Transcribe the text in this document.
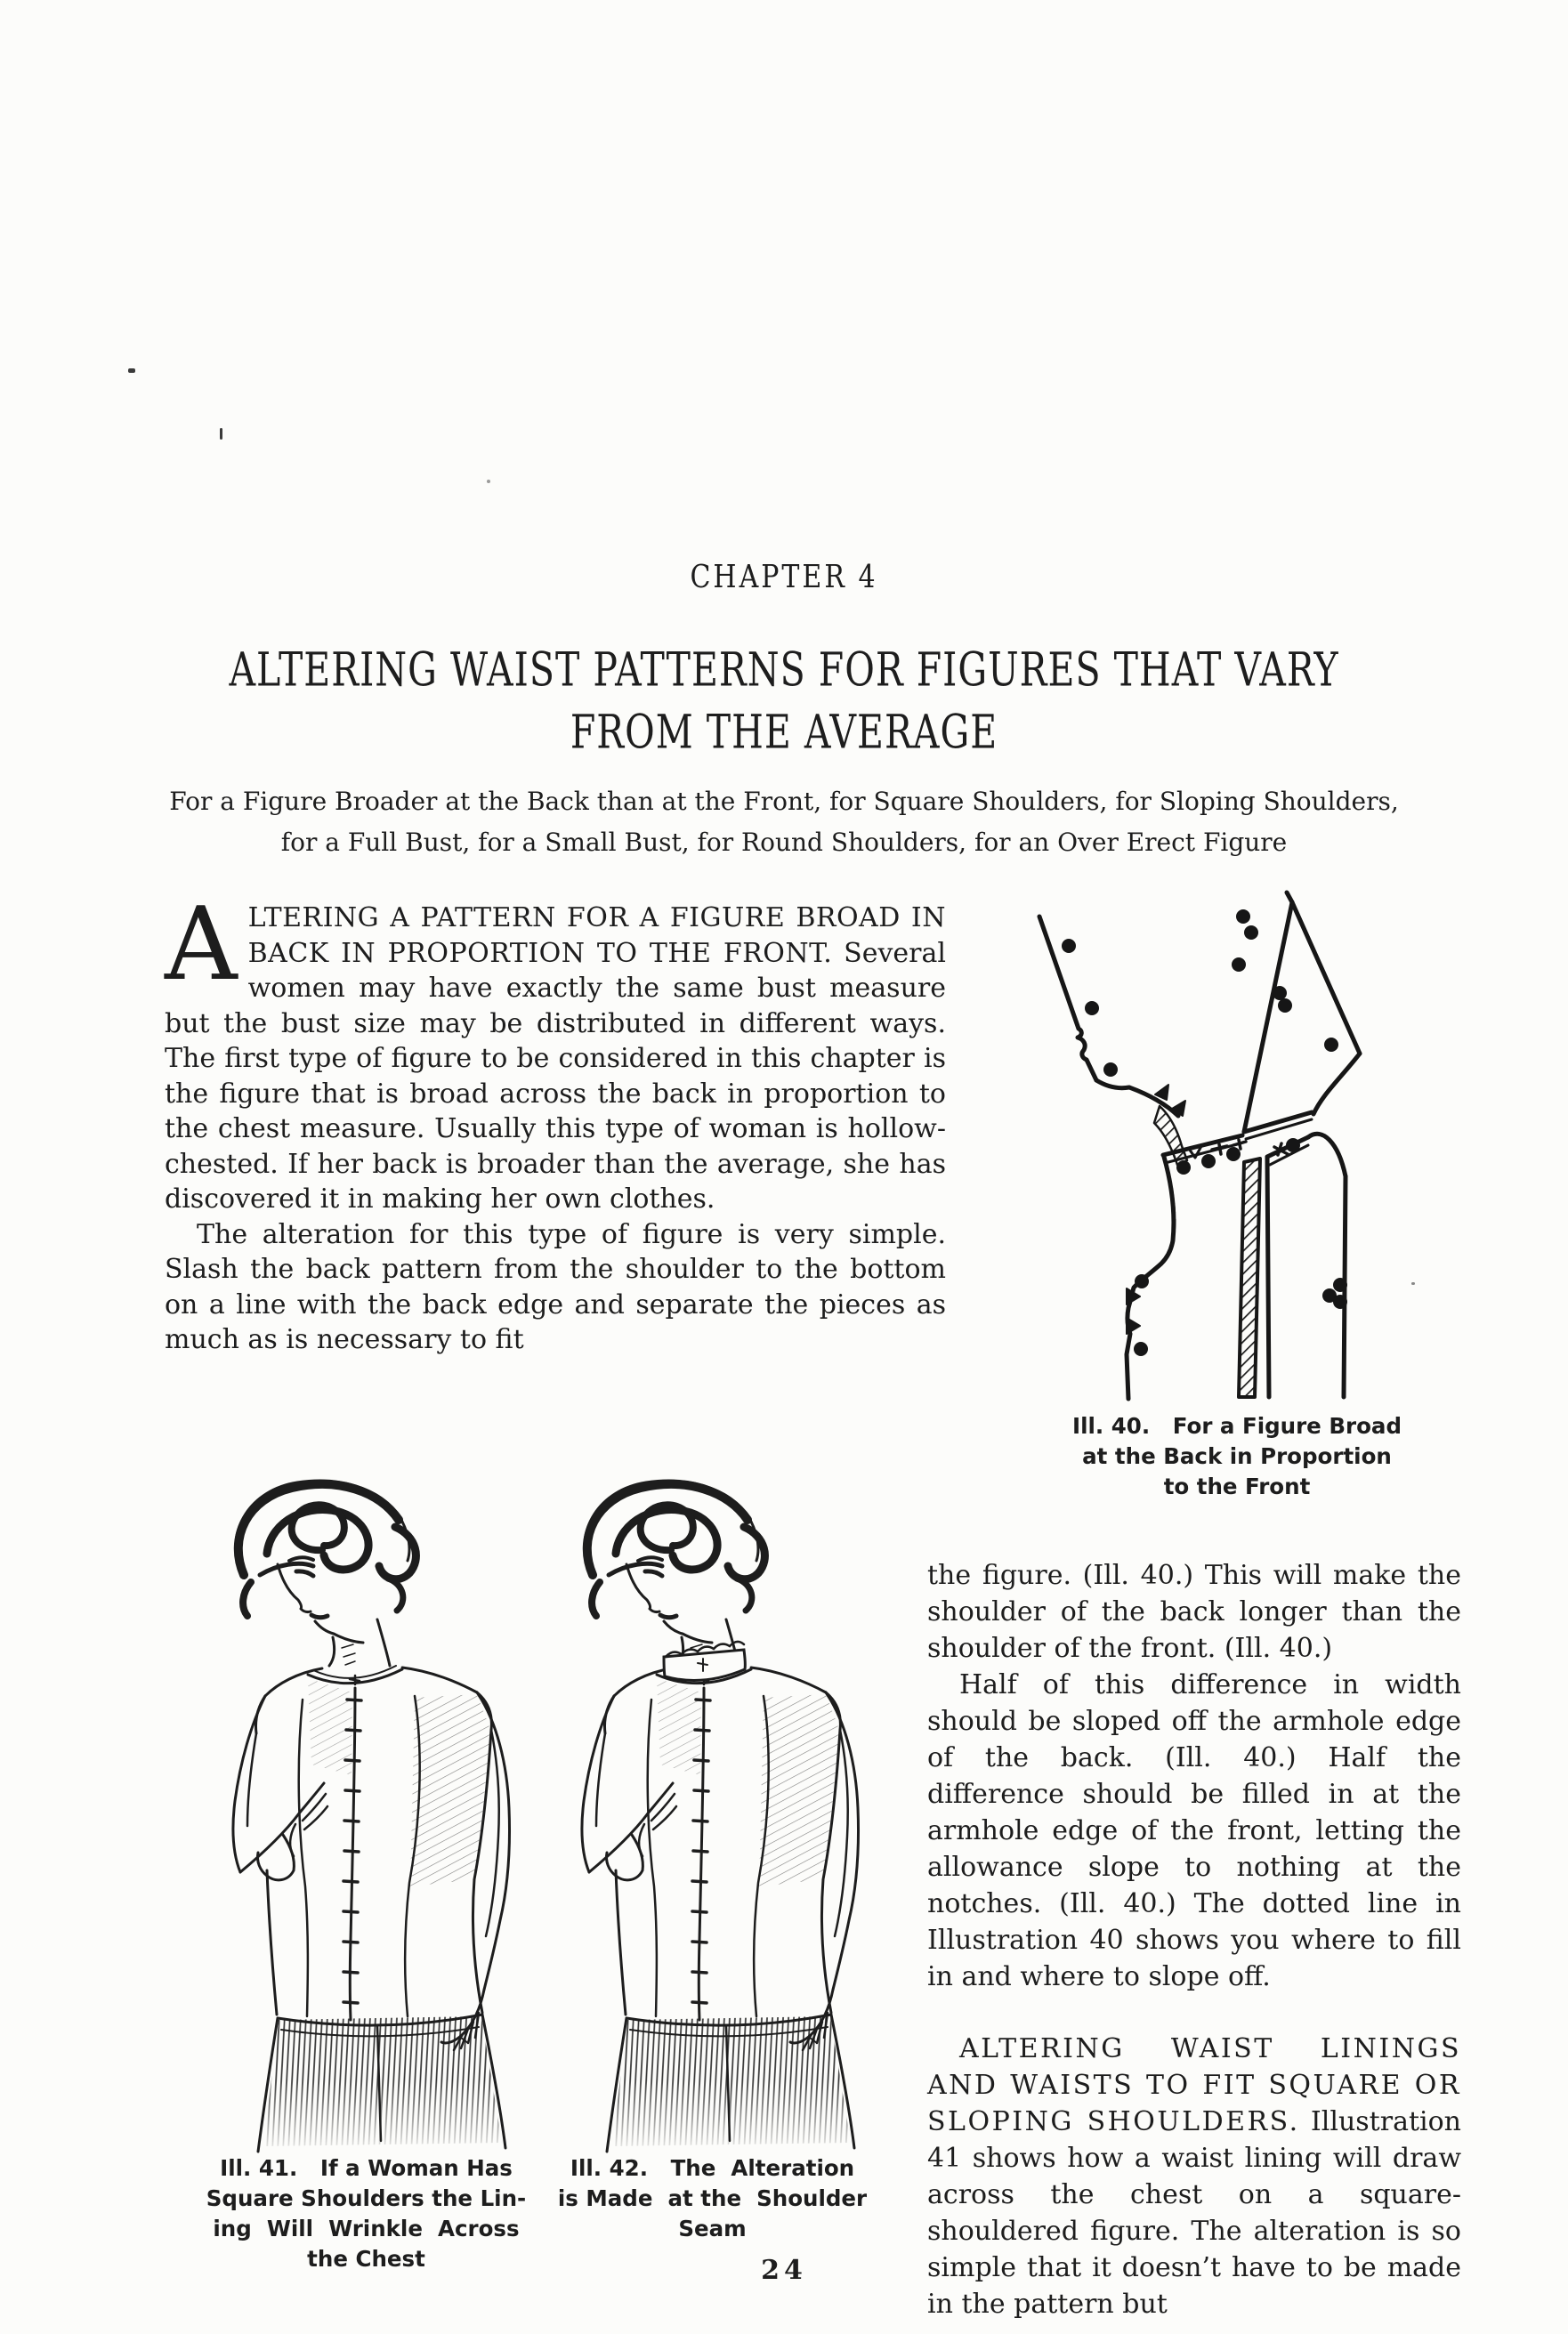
CHAPTER 4
ALTERING WAIST PATTERNS FOR FIGURES THAT VARY
FROM THE AVERAGE
For a Figure Broader at the Back than at the Front, for Square Shoulders, for Sloping Shoulders,
for a Full Bust, for a Small Bust, for Round Shoulders, for an Over Erect Figure

ALTERING A PATTERN FOR A FIGURE BROAD IN BACK IN PROPORTION TO THE FRONT. Several women may have exactly the same bust measure but the bust size may be distributed in different ways. The first type of figure to be considered in this chapter is the figure that is broad across the back in proportion to the chest measure. Usually this type of woman is hollow-chested. If her back is broader than the average, she has discovered it in making her own clothes.

The alteration for this type of figure is very simple. Slash the back pattern from the shoulder to the bottom on a line with the back edge and separate the pieces as much as is necessary to fit

Ill. 40.   For a Figure Broad
at the Back in Proportion
to the Front
Ill. 41.   If a Woman Has
Square Shoulders the Lin-
ing  Will  Wrinkle  Across
the Chest
Ill. 42.   The  Alteration
is Made  at the  Shoulder
Seam

the figure. (Ill. 40.) This will make the shoulder of the back longer than the shoulder of the front. (Ill. 40.)

Half of this difference in width should be sloped off the armhole edge of the back. (Ill. 40.) Half the difference should be filled in at the armhole edge of the front, letting the allowance slope to nothing at the notches. (Ill. 40.) The dotted line in Illustration 40 shows you where to fill in and where to slope off.

ALTERING WAIST LININGS AND WAISTS TO FIT SQUARE OR SLOPING SHOULDERS. Illustration 41 shows how a waist lining will draw across the chest on a square-shouldered figure. The alteration is so simple that it doesn’t have to be made in the pattern but

24
